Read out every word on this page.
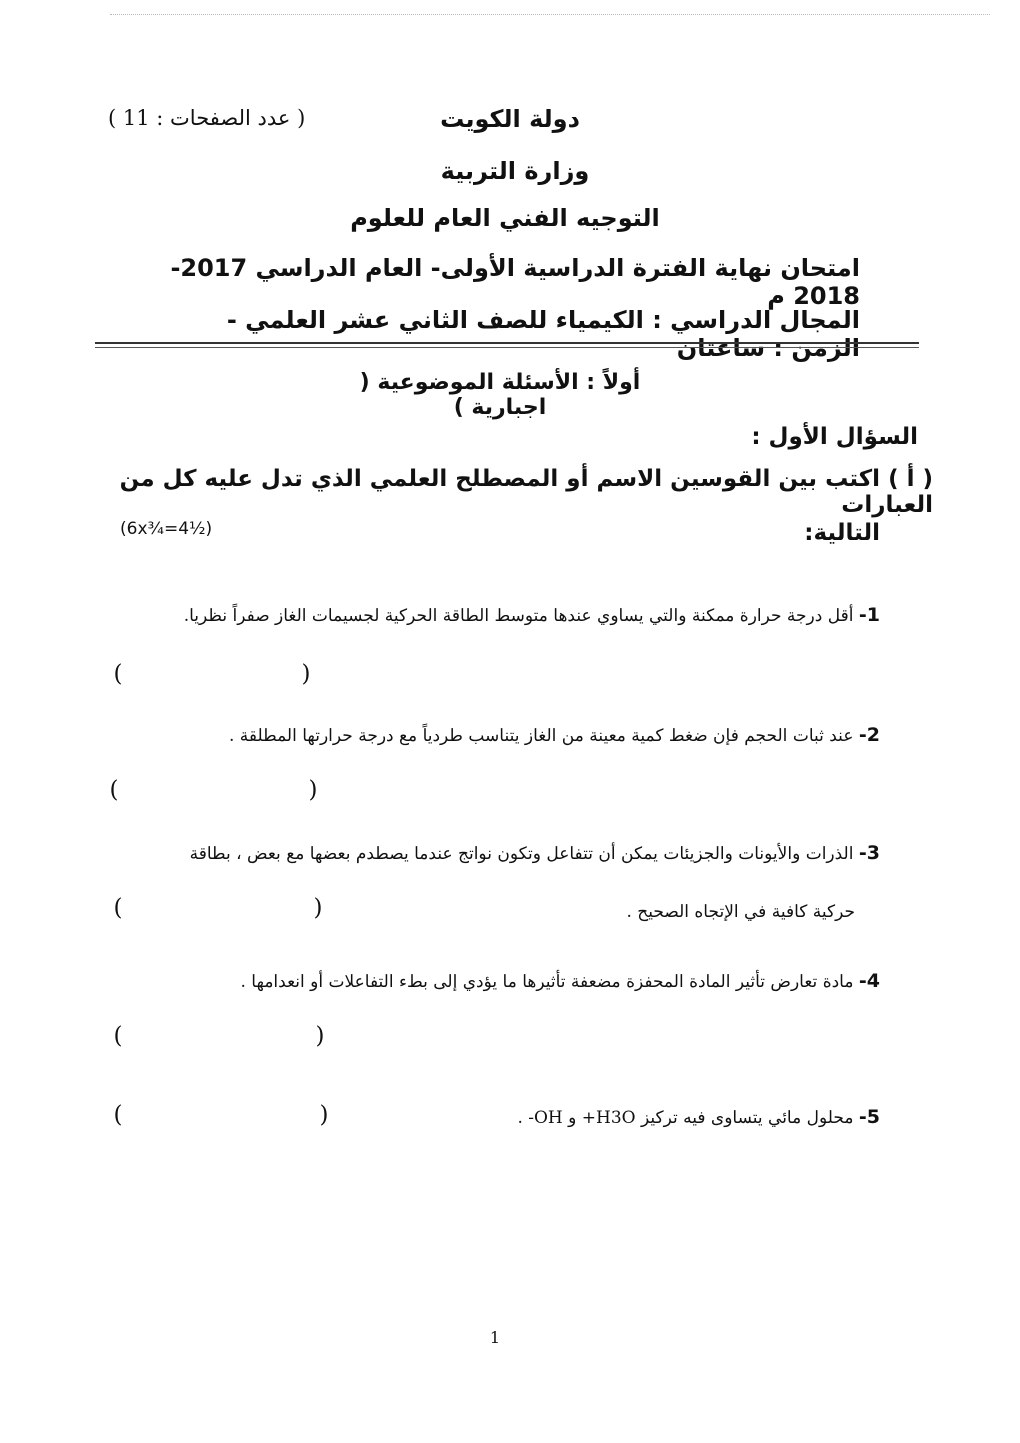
( عدد الصفحات : 11 )	دولة الكويت
وزارة التربية
التوجيه الفني العام للعلوم
امتحان نهاية الفترة الدراسية الأولى- العام الدراسي 2017-2018 م
المجال الدراسي : الكيمياء للصف الثاني عشر العلمي - الزمن : ساعتان
أولاً : الأسئلة الموضوعية ( اجبارية )
السؤال الأول :
( أ ) اكتب بين القوسين الاسم أو المصطلح العلمي الذي تدل عليه كل من العبارات
التالية:
(6x¾=4½)
1- أقل درجة حرارة ممكنة والتي يساوي عندها متوسط الطاقة الحركية لجسيمات الغاز صفراً نظريا.
(	)
2- عند ثبات الحجم فإن ضغط كمية معينة من الغاز يتناسب طردياً مع درجة حرارتها المطلقة .
(	)
3- الذرات والأيونات والجزيئات يمكن أن تتفاعل وتكون نواتج عندما يصطدم بعضها مع بعض ، بطاقة
حركية كافية في الإتجاه الصحيح .
(	)
4- مادة تعارض تأثير المادة المحفزة مضعفة تأثيرها ما يؤدي إلى بطء التفاعلات أو انعدامها .
(	)
5- محلول مائي يتساوى فيه تركيز H3O+ و OH- .
(	)
1
